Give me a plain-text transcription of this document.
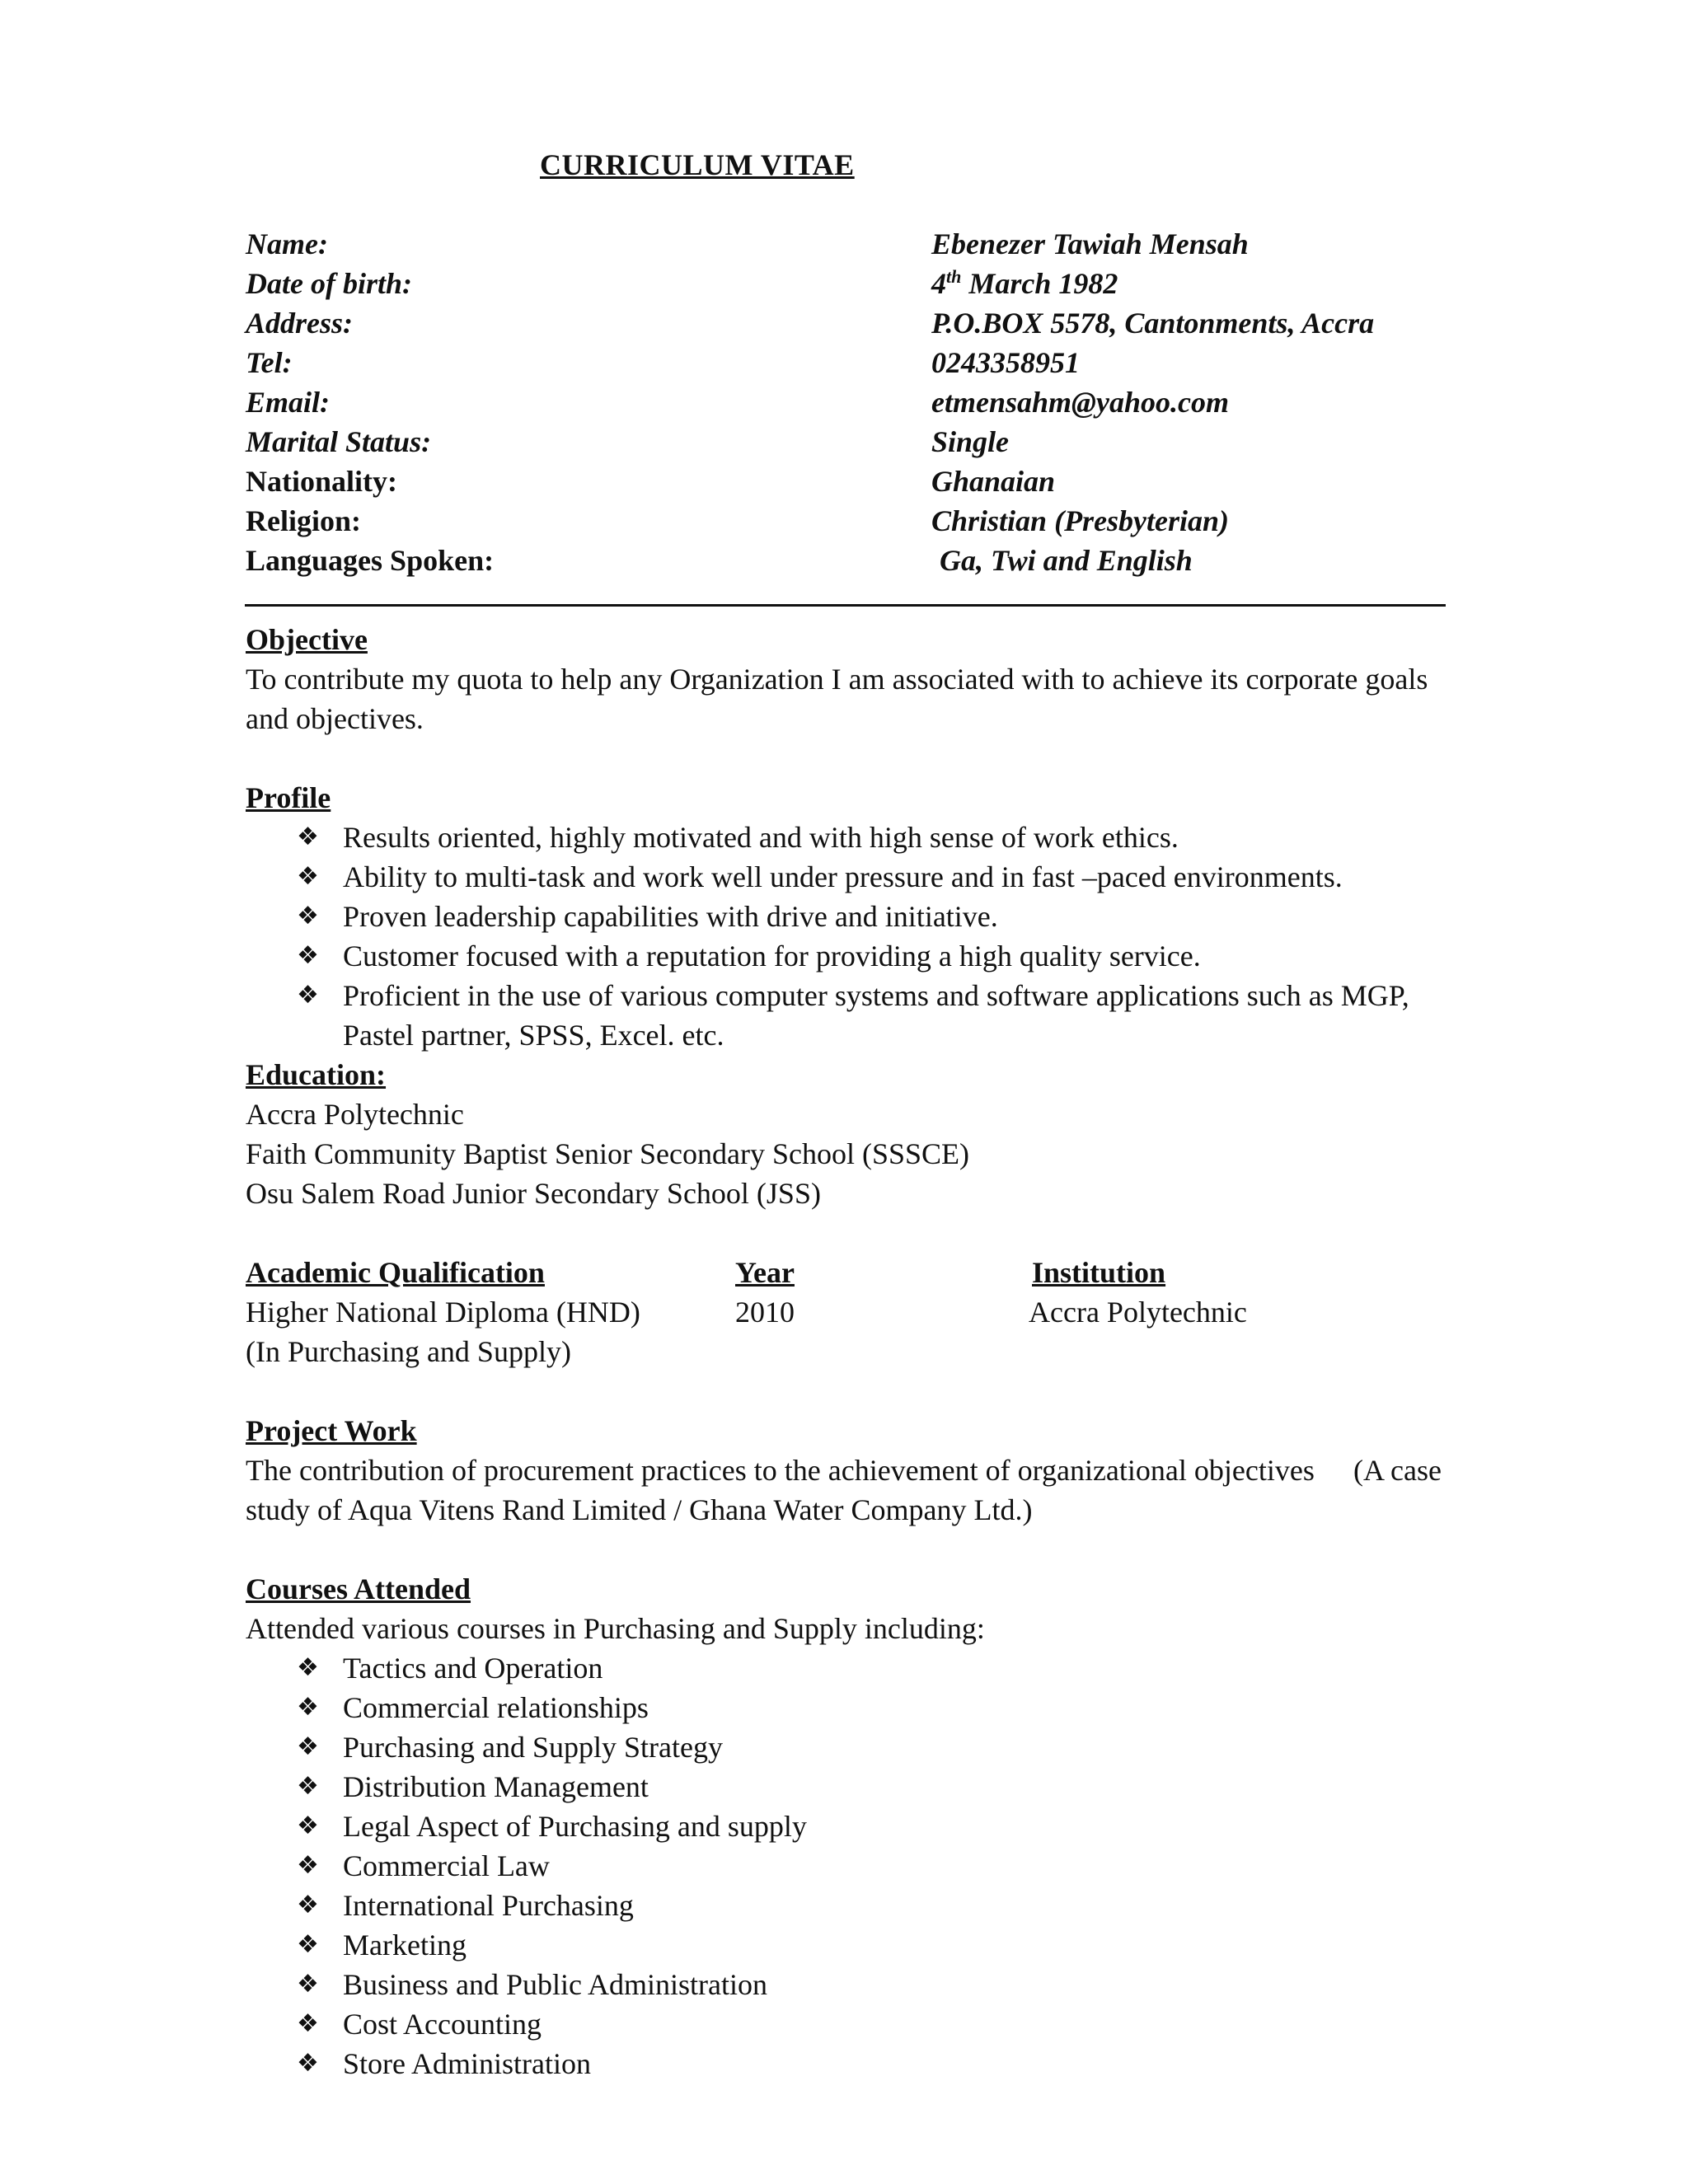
CURRICULUM VITAE
Name:	Ebenezer Tawiah Mensah
Date of birth:	4th March 1982
Address:	P.O.BOX 5578, Cantonments, Accra
Tel:	0243358951
Email:	etmensahm@yahoo.com
Marital Status:	Single
Nationality:	Ghanaian
Religion:	Christian (Presbyterian)
Languages Spoken:	Ga, Twi and English
Objective
To contribute my quota to help any Organization I am associated with to achieve its corporate goals and objectives.
Profile
❖ Results oriented, highly motivated and with high sense of work ethics.
❖ Ability to multi-task and work well under pressure and in fast –paced environments.
❖ Proven leadership capabilities with drive and initiative.
❖ Customer focused with a reputation for providing a high quality service.
❖ Proficient in the use of various computer systems and software applications such as MGP, Pastel partner, SPSS, Excel. etc.
Education:
Accra Polytechnic
Faith Community Baptist Senior Secondary School (SSSCE)
Osu Salem Road Junior Secondary School (JSS)
Academic Qualification	Year	Institution
Higher National Diploma (HND)	2010	Accra Polytechnic
(In Purchasing and Supply)
Project Work
The contribution of procurement practices to the achievement of organizational objectives (A case
study of Aqua Vitens Rand Limited / Ghana Water Company Ltd.)
Courses Attended
Attended various courses in Purchasing and Supply including:
❖ Tactics and Operation
❖ Commercial relationships
❖ Purchasing and Supply Strategy
❖ Distribution Management
❖ Legal Aspect of Purchasing and supply
❖ Commercial Law
❖ International Purchasing
❖ Marketing
❖ Business and Public Administration
❖ Cost Accounting
❖ Store Administration
